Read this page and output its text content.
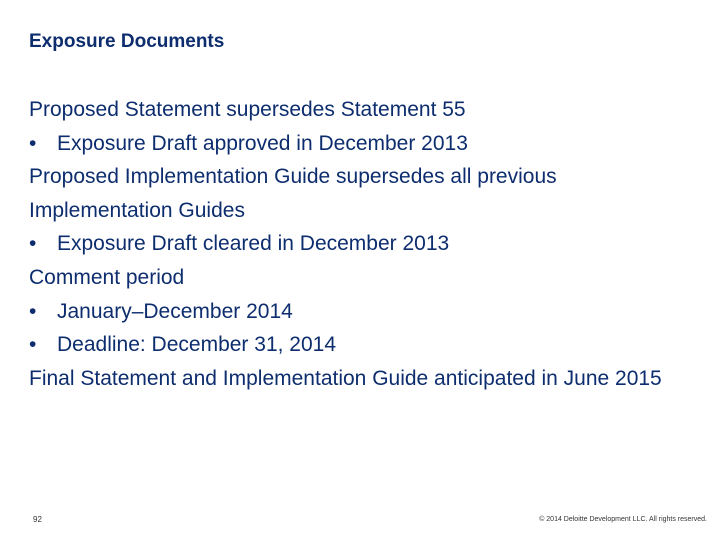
Exposure Documents
Proposed Statement supersedes Statement 55
• Exposure Draft approved in December 2013
Proposed Implementation Guide supersedes all previous Implementation Guides
• Exposure Draft cleared in December 2013
Comment period
• January–December 2014
• Deadline: December 31, 2014
Final Statement and Implementation Guide anticipated in June 2015
92	© 2014 Deloitte Development LLC. All rights reserved.
